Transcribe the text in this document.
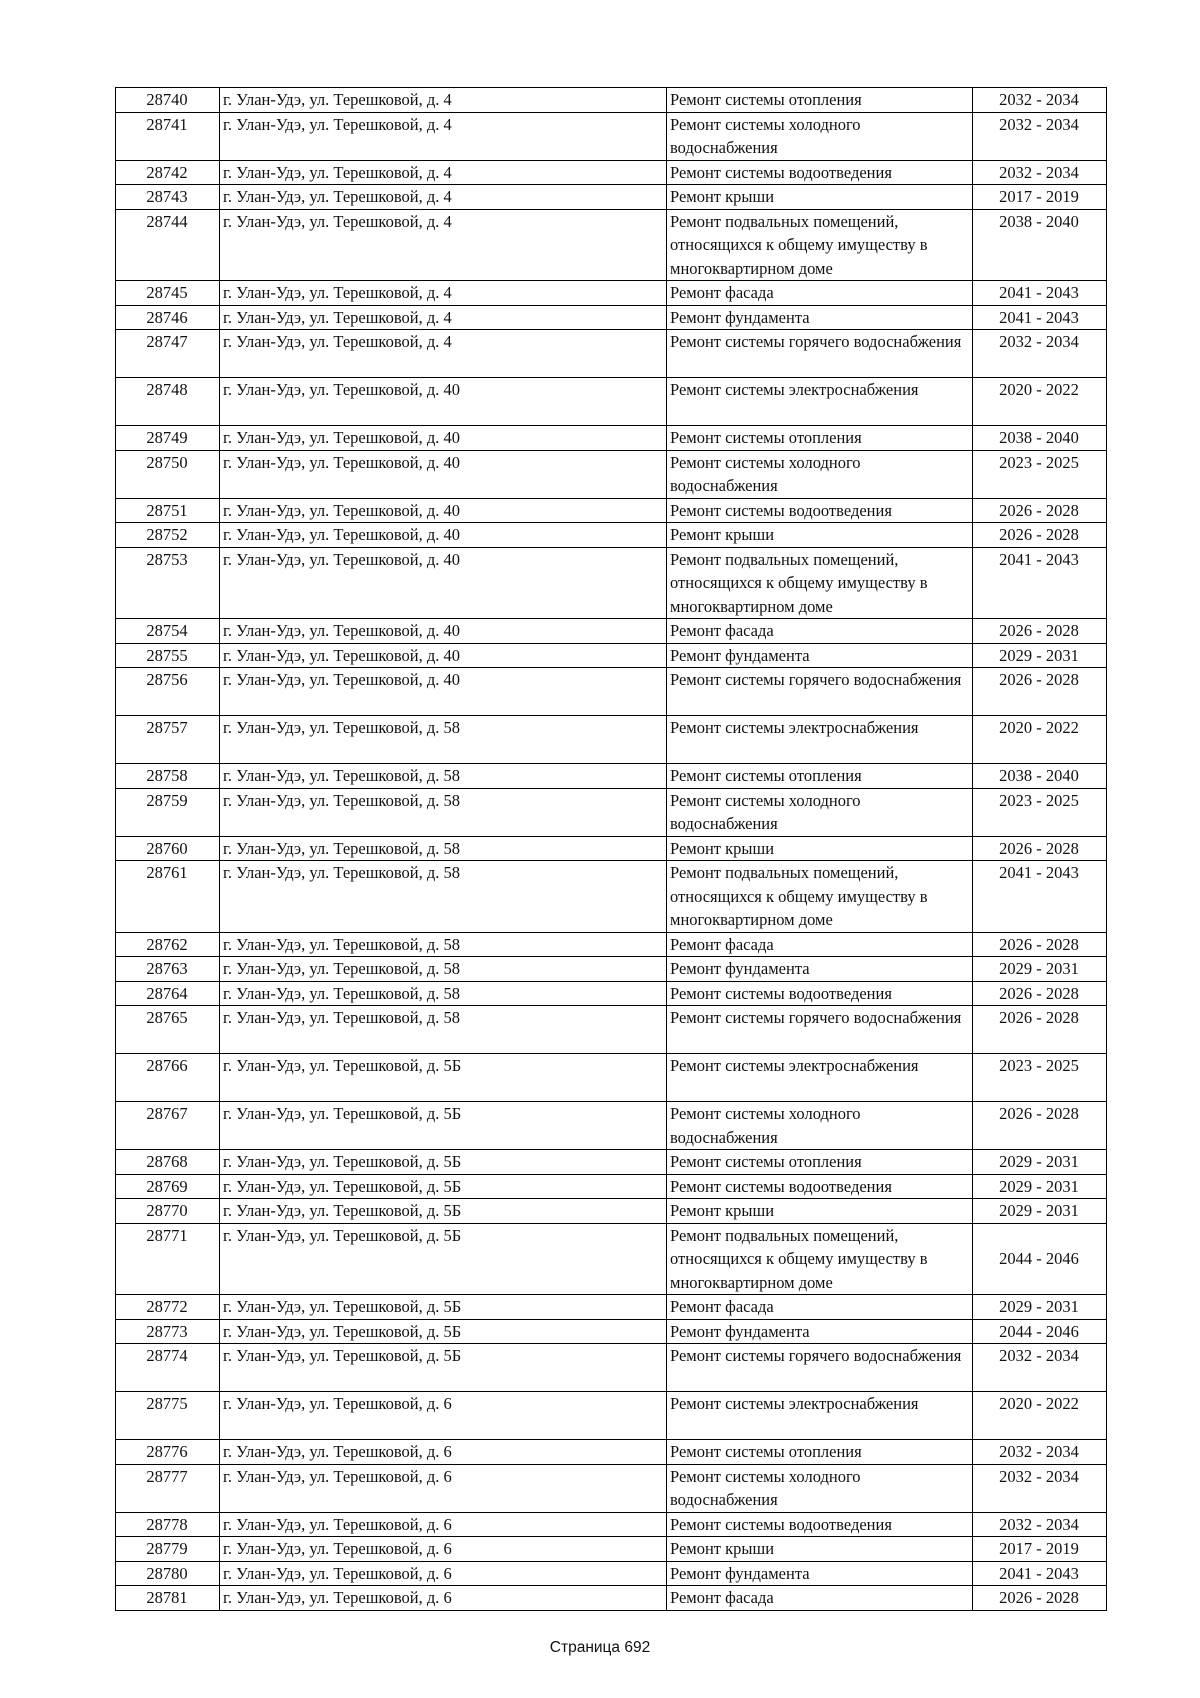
28740	г. Улан-Удэ, ул. Терешковой, д. 4	Ремонт системы отопления	2032 - 2034
28741	г. Улан-Удэ, ул. Терешковой, д. 4	Ремонт системы холодного водоснабжения	2032 - 2034
28742	г. Улан-Удэ, ул. Терешковой, д. 4	Ремонт системы водоотведения	2032 - 2034
28743	г. Улан-Удэ, ул. Терешковой, д. 4	Ремонт крыши	2017 - 2019
28744	г. Улан-Удэ, ул. Терешковой, д. 4	Ремонт подвальных помещений, относящихся к общему имуществу в многоквартирном доме	2038 - 2040
28745	г. Улан-Удэ, ул. Терешковой, д. 4	Ремонт фасада	2041 - 2043
28746	г. Улан-Удэ, ул. Терешковой, д. 4	Ремонт фундамента	2041 - 2043
28747	г. Улан-Удэ, ул. Терешковой, д. 4	Ремонт системы горячего водоснабжения	2032 - 2034
28748	г. Улан-Удэ, ул. Терешковой, д. 40	Ремонт системы электроснабжения	2020 - 2022
28749	г. Улан-Удэ, ул. Терешковой, д. 40	Ремонт системы отопления	2038 - 2040
28750	г. Улан-Удэ, ул. Терешковой, д. 40	Ремонт системы холодного водоснабжения	2023 - 2025
28751	г. Улан-Удэ, ул. Терешковой, д. 40	Ремонт системы водоотведения	2026 - 2028
28752	г. Улан-Удэ, ул. Терешковой, д. 40	Ремонт крыши	2026 - 2028
28753	г. Улан-Удэ, ул. Терешковой, д. 40	Ремонт подвальных помещений, относящихся к общему имуществу в многоквартирном доме	2041 - 2043
28754	г. Улан-Удэ, ул. Терешковой, д. 40	Ремонт фасада	2026 - 2028
28755	г. Улан-Удэ, ул. Терешковой, д. 40	Ремонт фундамента	2029 - 2031
28756	г. Улан-Удэ, ул. Терешковой, д. 40	Ремонт системы горячего водоснабжения	2026 - 2028
28757	г. Улан-Удэ, ул. Терешковой, д. 58	Ремонт системы электроснабжения	2020 - 2022
28758	г. Улан-Удэ, ул. Терешковой, д. 58	Ремонт системы отопления	2038 - 2040
28759	г. Улан-Удэ, ул. Терешковой, д. 58	Ремонт системы холодного водоснабжения	2023 - 2025
28760	г. Улан-Удэ, ул. Терешковой, д. 58	Ремонт крыши	2026 - 2028
28761	г. Улан-Удэ, ул. Терешковой, д. 58	Ремонт подвальных помещений, относящихся к общему имуществу в многоквартирном доме	2041 - 2043
28762	г. Улан-Удэ, ул. Терешковой, д. 58	Ремонт фасада	2026 - 2028
28763	г. Улан-Удэ, ул. Терешковой, д. 58	Ремонт фундамента	2029 - 2031
28764	г. Улан-Удэ, ул. Терешковой, д. 58	Ремонт системы водоотведения	2026 - 2028
28765	г. Улан-Удэ, ул. Терешковой, д. 58	Ремонт системы горячего водоснабжения	2026 - 2028
28766	г. Улан-Удэ, ул. Терешковой, д. 5Б	Ремонт системы электроснабжения	2023 - 2025
28767	г. Улан-Удэ, ул. Терешковой, д. 5Б	Ремонт системы холодного водоснабжения	2026 - 2028
28768	г. Улан-Удэ, ул. Терешковой, д. 5Б	Ремонт системы отопления	2029 - 2031
28769	г. Улан-Удэ, ул. Терешковой, д. 5Б	Ремонт системы водоотведения	2029 - 2031
28770	г. Улан-Удэ, ул. Терешковой, д. 5Б	Ремонт крыши	2029 - 2031
28771	г. Улан-Удэ, ул. Терешковой, д. 5Б	Ремонт подвальных помещений, относящихся к общему имуществу в многоквартирном доме	2044 - 2046
28772	г. Улан-Удэ, ул. Терешковой, д. 5Б	Ремонт фасада	2029 - 2031
28773	г. Улан-Удэ, ул. Терешковой, д. 5Б	Ремонт фундамента	2044 - 2046
28774	г. Улан-Удэ, ул. Терешковой, д. 5Б	Ремонт системы горячего водоснабжения	2032 - 2034
28775	г. Улан-Удэ, ул. Терешковой, д. 6	Ремонт системы электроснабжения	2020 - 2022
28776	г. Улан-Удэ, ул. Терешковой, д. 6	Ремонт системы отопления	2032 - 2034
28777	г. Улан-Удэ, ул. Терешковой, д. 6	Ремонт системы холодного водоснабжения	2032 - 2034
28778	г. Улан-Удэ, ул. Терешковой, д. 6	Ремонт системы водоотведения	2032 - 2034
28779	г. Улан-Удэ, ул. Терешковой, д. 6	Ремонт крыши	2017 - 2019
28780	г. Улан-Удэ, ул. Терешковой, д. 6	Ремонт фундамента	2041 - 2043
28781	г. Улан-Удэ, ул. Терешковой, д. 6	Ремонт фасада	2026 - 2028
Страница 692
